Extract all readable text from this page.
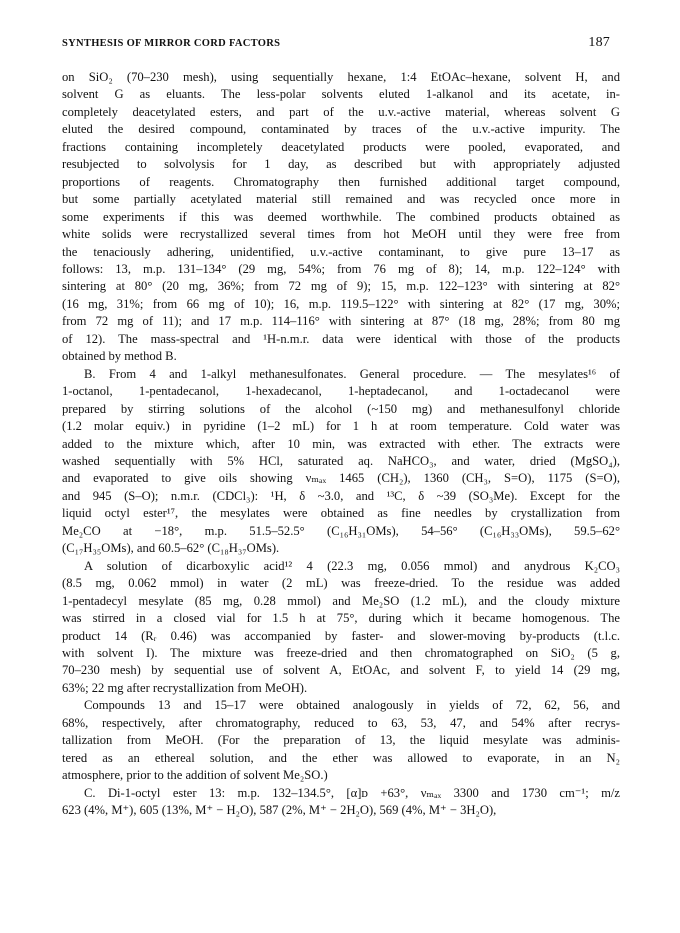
SYNTHESIS OF MIRROR CORD FACTORS	187
on SiO₂ (70–230 mesh), using sequentially hexane, 1:4 EtOAc–hexane, solvent H, and
solvent G as eluants. The less-polar solvents eluted 1-alkanol and its acetate, in-
completely deacetylated esters, and part of the u.v.-active material, whereas solvent G
eluted the desired compound, contaminated by traces of the u.v.-active impurity. The
fractions containing incompletely deacetylated products were pooled, evaporated, and
resubjected to solvolysis for 1 day, as described but with appropriately adjusted
proportions of reagents. Chromatography then furnished additional target compound,
but some partially acetylated material still remained and was recycled once more in
some experiments if this was deemed worthwhile. The combined products obtained as
white solids were recrystallized several times from hot MeOH until they were free from
the tenaciously adhering, unidentified, u.v.-active contaminant, to give pure 13–17 as
follows: 13, m.p. 131–134° (29 mg, 54%; from 76 mg of 8); 14, m.p. 122–124° with
sintering at 80° (20 mg, 36%; from 72 mg of 9); 15, m.p. 122–123° with sintering at 82°
(16 mg, 31%; from 66 mg of 10); 16, m.p. 119.5–122° with sintering at 82° (17 mg, 30%;
from 72 mg of 11); and 17 m.p. 114–116° with sintering at 87° (18 mg, 28%; from 80 mg
of 12). The mass-spectral and ¹H-n.m.r. data were identical with those of the products
obtained by method B.
B. From 4 and 1-alkyl methanesulfonates. General procedure. — The mesylates¹⁶ of
1-octanol, 1-pentadecanol, 1-hexadecanol, 1-heptadecanol, and 1-octadecanol were
prepared by stirring solutions of the alcohol (~150 mg) and methanesulfonyl chloride
(1.2 molar equiv.) in pyridine (1–2 mL) for 1 h at room temperature. Cold water was
added to the mixture which, after 10 min, was extracted with ether. The extracts were
washed sequentially with 5% HCl, saturated aq. NaHCO₃, and water, dried (MgSO₄),
and evaporated to give oils showing νₘₐₓ 1465 (CH₂), 1360 (CH₃, S=O), 1175 (S=O),
and 945 (S–O); n.m.r. (CDCl₃): ¹H, δ ~3.0, and ¹³C, δ ~39 (SO₃Me). Except for the
liquid octyl ester¹⁷, the mesylates were obtained as fine needles by crystallization from
Me₂CO at −18°, m.p. 51.5–52.5° (C₁₆H₃₁OMs), 54–56° (C₁₆H₃₃OMs), 59.5–62°
(C₁₇H₃₅OMs), and 60.5–62° (C₁₈H₃₇OMs).
A solution of dicarboxylic acid¹² 4 (22.3 mg, 0.056 mmol) and anydrous K₂CO₃
(8.5 mg, 0.062 mmol) in water (2 mL) was freeze-dried. To the residue was added
1-pentadecyl mesylate (85 mg, 0.28 mmol) and Me₂SO (1.2 mL), and the cloudy mixture
was stirred in a closed vial for 1.5 h at 75°, during which it became homogenous. The
product 14 (Rᵣ 0.46) was accompanied by faster- and slower-moving by-products (t.l.c.
with solvent I). The mixture was freeze-dried and then chromatographed on SiO₂ (5 g,
70–230 mesh) by sequential use of solvent A, EtOAc, and solvent F, to yield 14 (29 mg,
63%; 22 mg after recrystallization from MeOH).
Compounds 13 and 15–17 were obtained analogously in yields of 72, 62, 56, and
68%, respectively, after chromatography, reduced to 63, 53, 47, and 54% after recrys-
tallization from MeOH. (For the preparation of 13, the liquid mesylate was adminis-
tered as an ethereal solution, and the ether was allowed to evaporate, in an N₂
atmosphere, prior to the addition of solvent Me₂SO.)
C. Di-1-octyl ester 13: m.p. 132–134.5°, [α]ᴅ +63°, νₘₐₓ 3300 and 1730 cm⁻¹; m/z
623 (4%, M⁺), 605 (13%, M⁺ − H₂O), 587 (2%, M⁺ − 2H₂O), 569 (4%, M⁺ − 3H₂O),
